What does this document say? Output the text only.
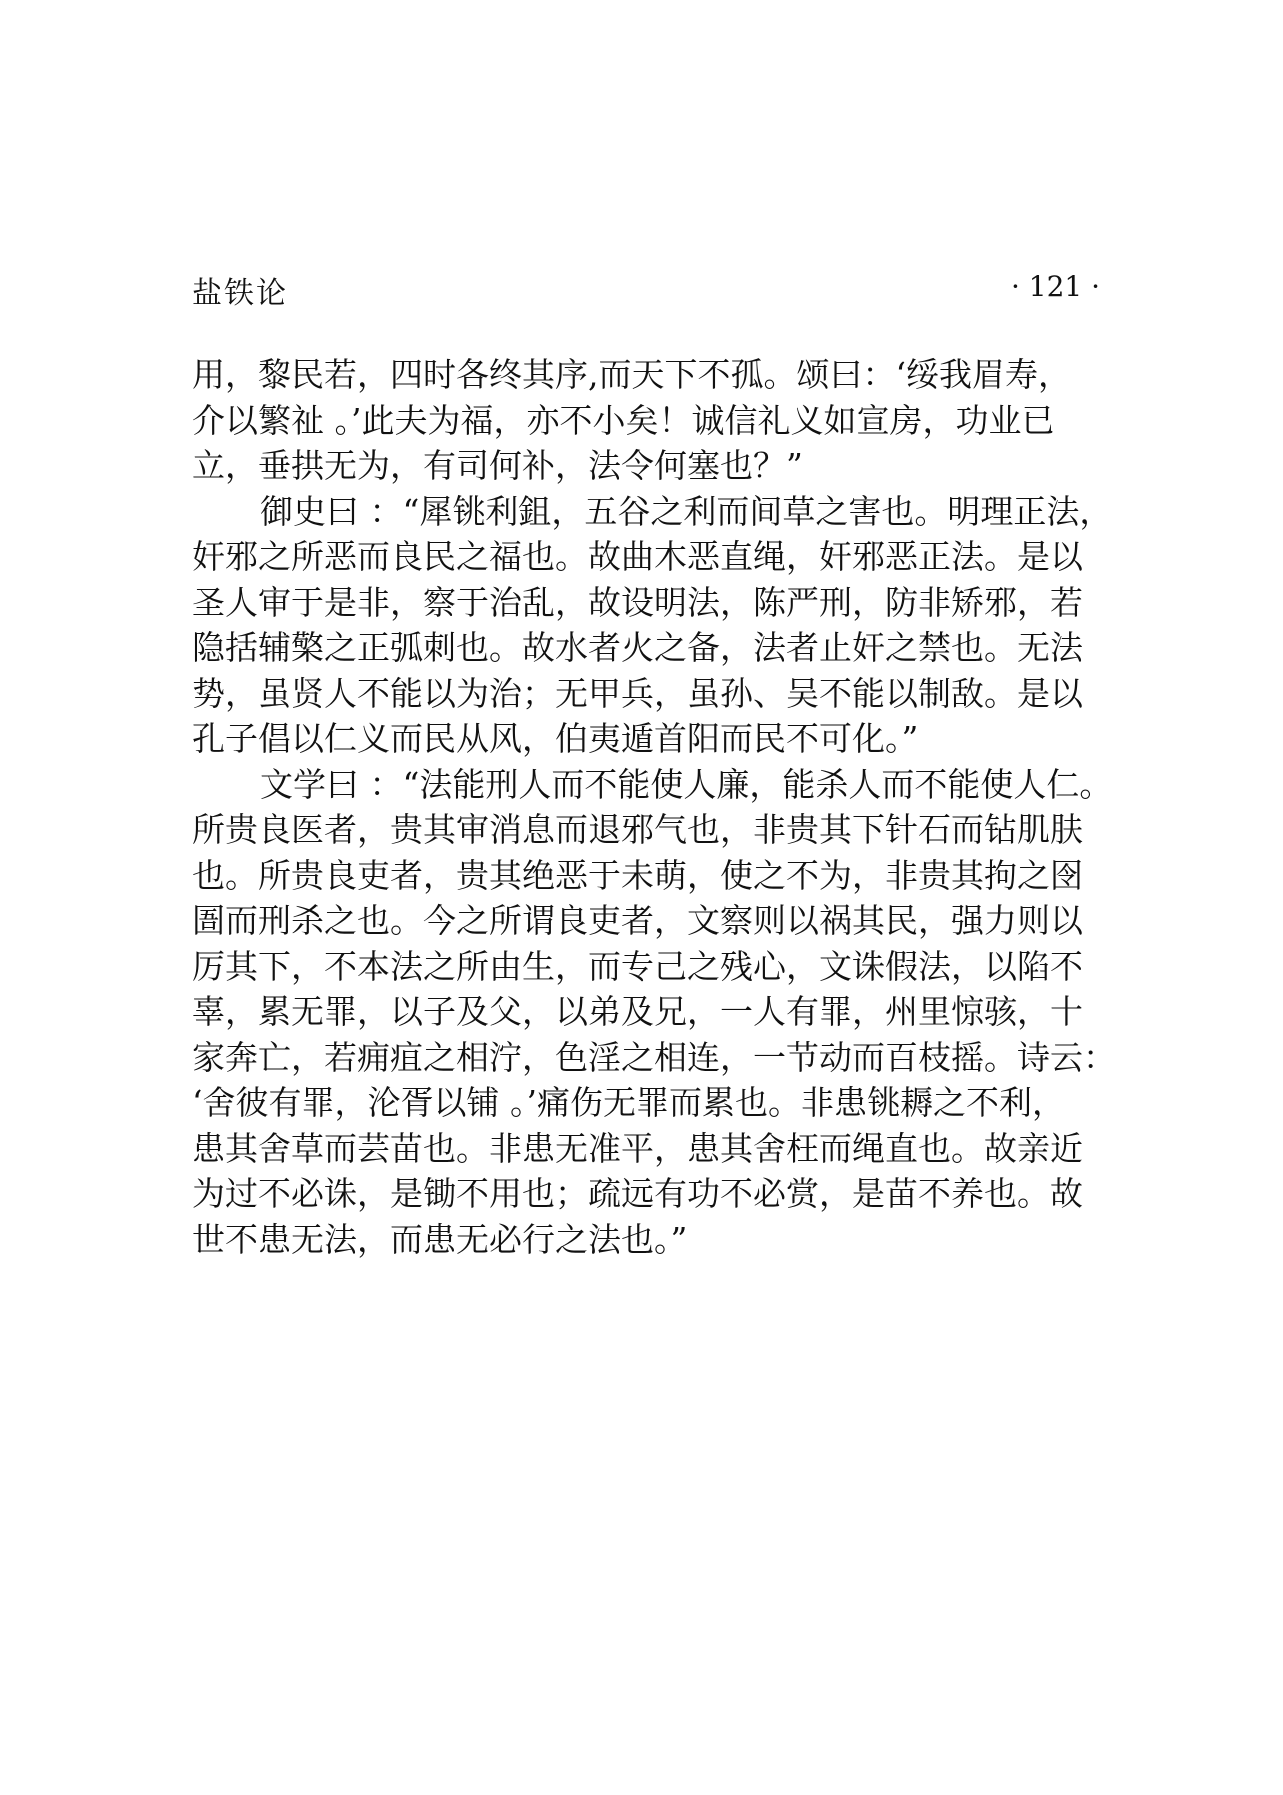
盐铁论	· 121 ·
用，黎民若，四时各终其序,而天下不孤。颂曰：‘绥我眉寿，
介以繁祉 。’此夫为福，亦不小矣！诚信礼义如宣房，功业已
立，垂拱无为，有司何补，法令何塞也？”
御史曰 ：“犀铫利鉏，五谷之利而间草之害也。明理正法，
奸邪之所恶而良民之福也。故曲木恶直绳，奸邪恶正法。是以
圣人审于是非，察于治乱，故设明法，陈严刑，防非矫邪，若
隐括辅檠之正弧刺也。故水者火之备，法者止奸之禁也。无法
势，虽贤人不能以为治；无甲兵，虽孙、吴不能以制敌。是以
孔子倡以仁义而民从风，伯夷遁首阳而民不可化。”
文学曰 ：“法能刑人而不能使人廉，能杀人而不能使人仁。
所贵良医者，贵其审消息而退邪气也，非贵其下针石而钻肌肤
也。所贵良吏者，贵其绝恶于未萌，使之不为，非贵其拘之囹
圄而刑杀之也。今之所谓良吏者，文察则以祸其民，强力则以
厉其下，不本法之所由生，而专己之残心，文诛假法，以陷不
辜，累无罪，以子及父，以弟及兄，一人有罪，州里惊骇，十
家奔亡，若痈疽之相泞，色淫之相连，一节动而百枝摇。诗云：
‘舍彼有罪，沦胥以铺 。’痛伤无罪而累也。非患铫耨之不利，
患其舍草而芸苗也。非患无准平，患其舍枉而绳直也。故亲近
为过不必诛，是锄不用也；疏远有功不必赏，是苗不养也。故
世不患无法，而患无必行之法也。”
